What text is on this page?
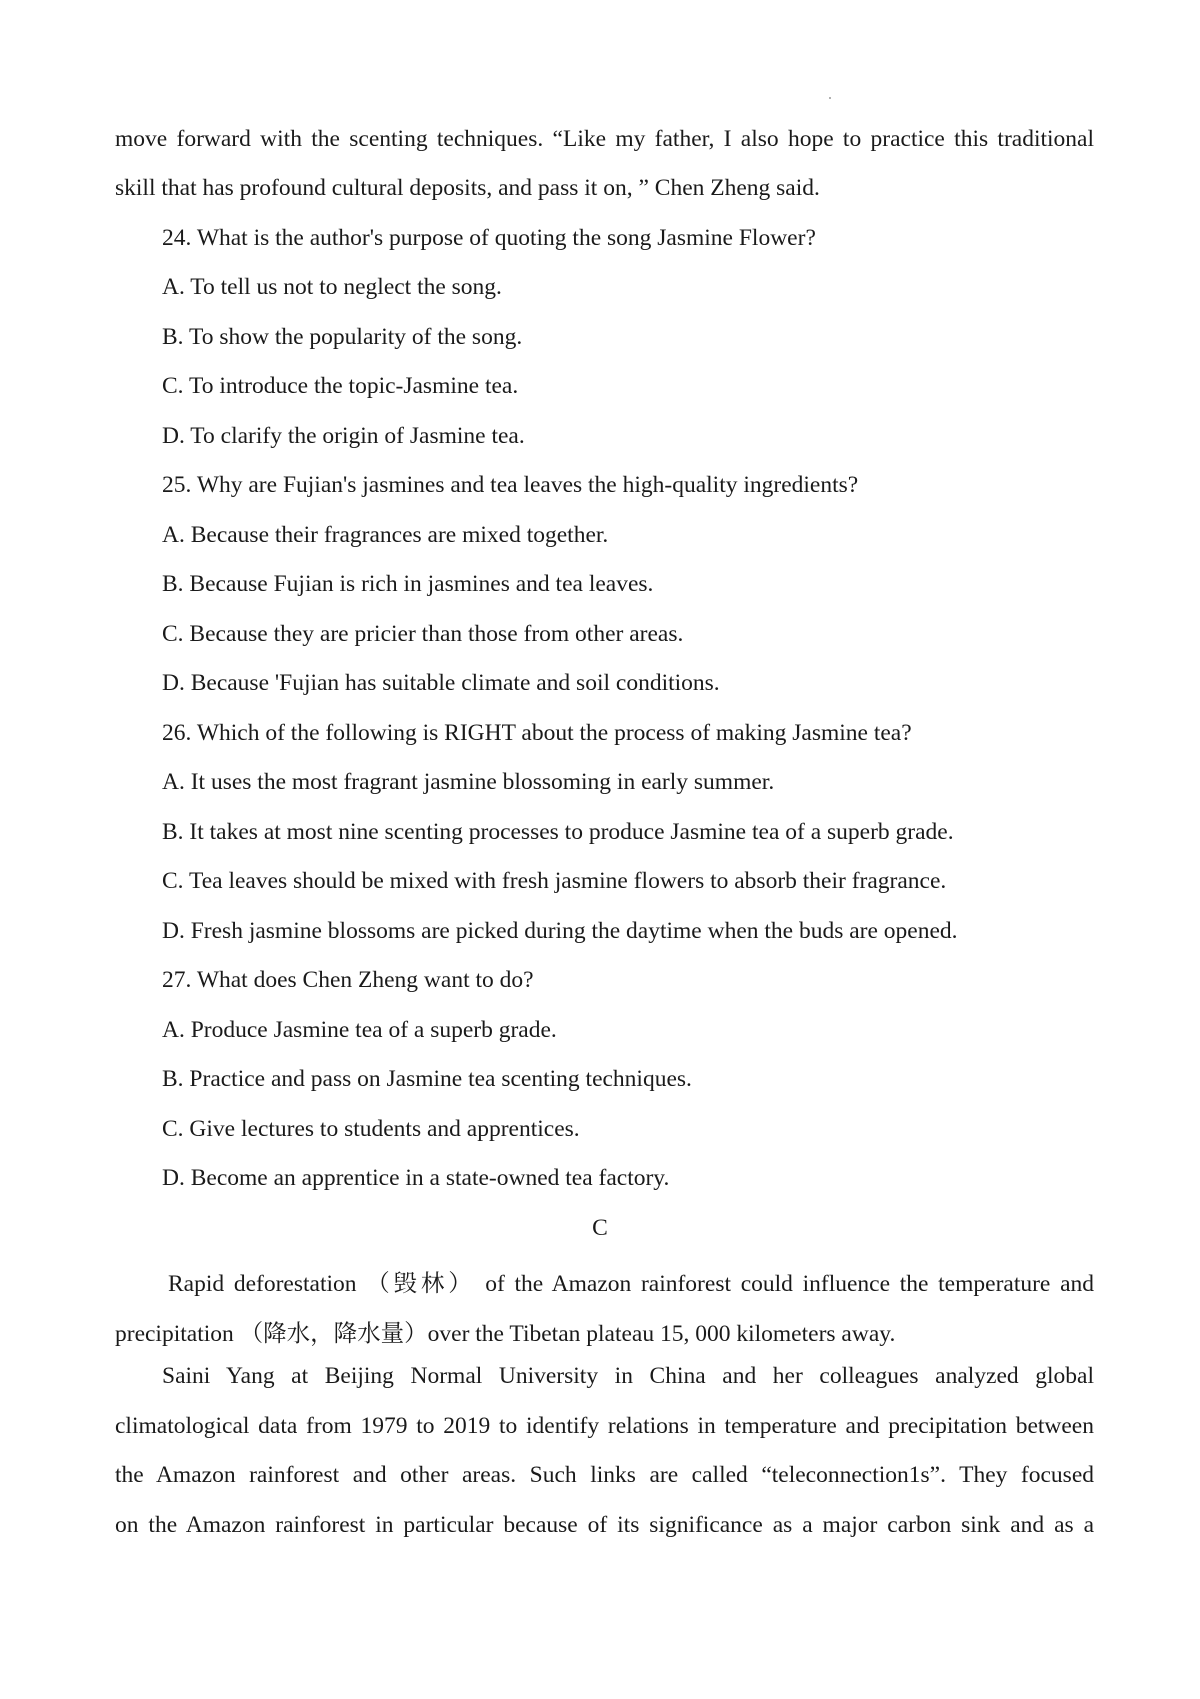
move forward with the scenting techniques. “Like my father, I also hope to practice this traditional
skill that has profound cultural deposits, and pass it on, ” Chen Zheng said.
24. What is the author's purpose of quoting the song Jasmine Flower?
A. To tell us not to neglect the song.
B. To show the popularity of the song.
C. To introduce the topic-Jasmine tea.
D. To clarify the origin of Jasmine tea.
25. Why are Fujian's jasmines and tea leaves the high-quality ingredients?
A. Because their fragrances are mixed together.
B. Because Fujian is rich in jasmines and tea leaves.
C. Because they are pricier than those from other areas.
D. Because 'Fujian has suitable climate and soil conditions.
26. Which of the following is RIGHT about the process of making Jasmine tea?
A. It uses the most fragrant jasmine blossoming in early summer.
B. It takes at most nine scenting processes to produce Jasmine tea of a superb grade.
C. Tea leaves should be mixed with fresh jasmine flowers to absorb their fragrance.
D. Fresh jasmine blossoms are picked during the daytime when the buds are opened.
27. What does Chen Zheng want to do?
A. Produce Jasmine tea of a superb grade.
B. Practice and pass on Jasmine tea scenting techniques.
C. Give lectures to students and apprentices.
D. Become an apprentice in a state-owned tea factory.
C
Rapid deforestation （毁林） of the Amazon rainforest could influence the temperature and
precipitation （降水，降水量）over the Tibetan plateau 15, 000 kilometers away.
Saini Yang at Beijing Normal University in China and her colleagues analyzed global
climatological data from 1979 to 2019 to identify relations in temperature and precipitation between
the Amazon rainforest and other areas. Such links are called “teleconnection1s”. They focused
on the Amazon rainforest in particular because of its significance as a major carbon sink and as a
